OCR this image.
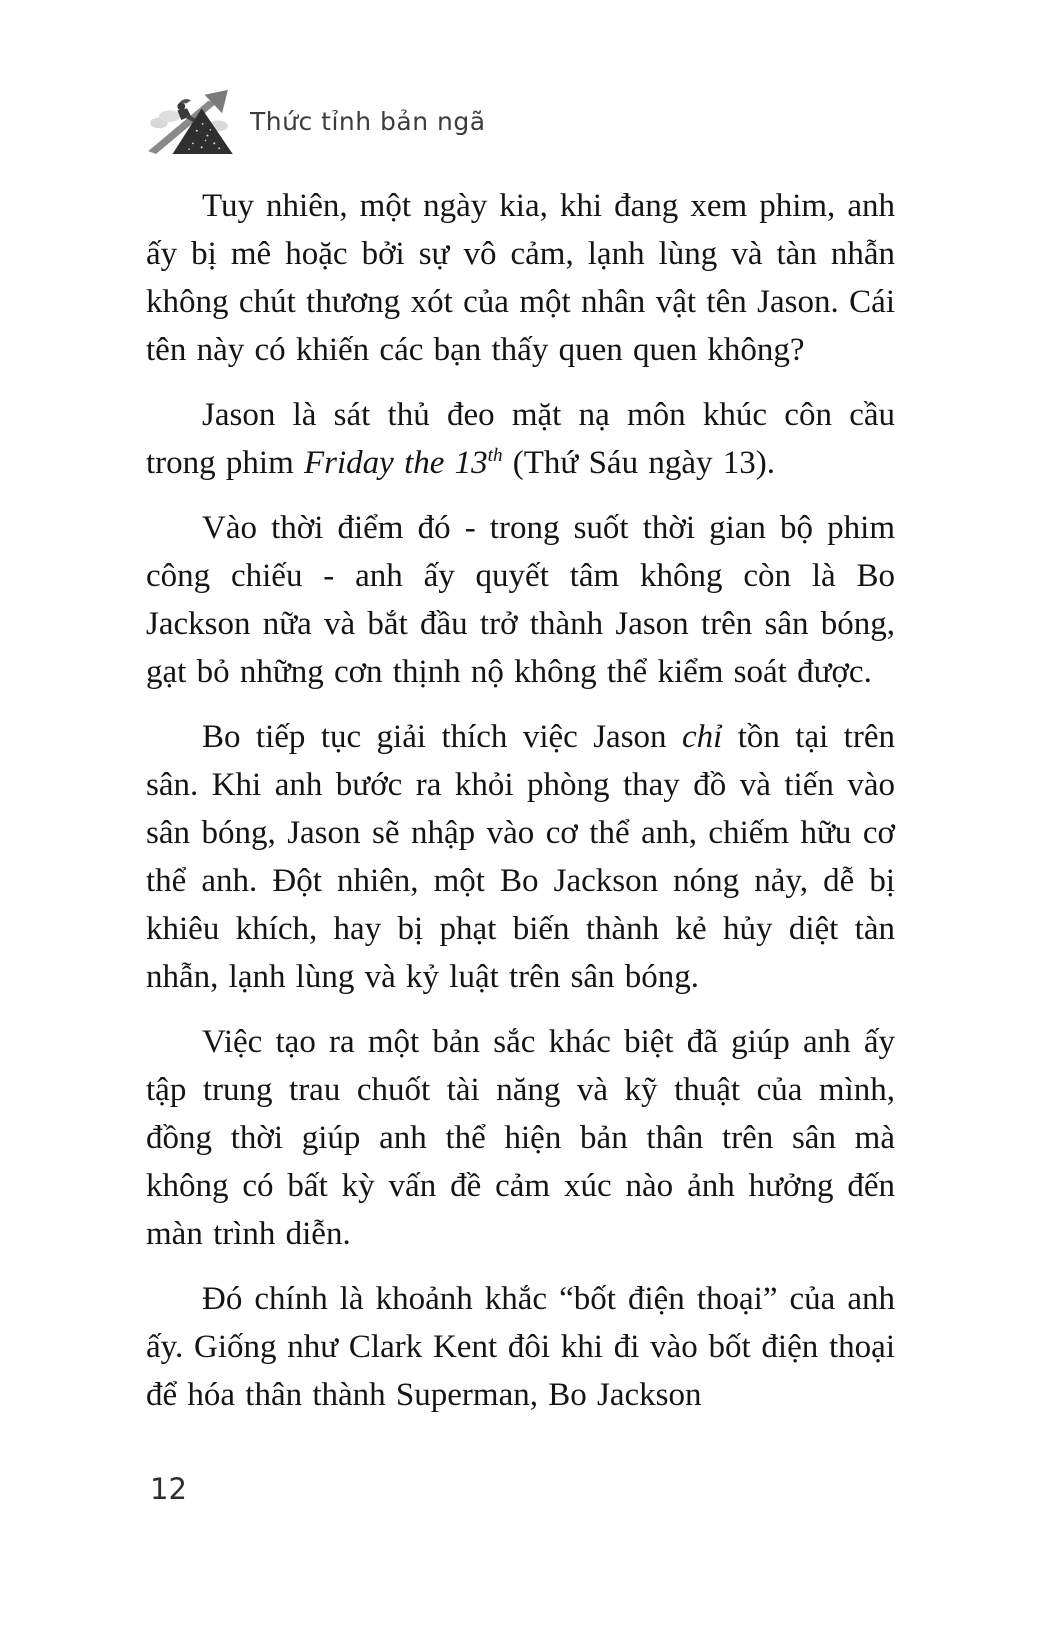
Thức tỉnh bản ngã

Tuy nhiên, một ngày kia, khi đang xem phim, anh ấy bị mê hoặc bởi sự vô cảm, lạnh lùng và tàn nhẫn không chút thương xót của một nhân vật tên Jason. Cái tên này có khiến các bạn thấy quen quen không?

Jason là sát thủ đeo mặt nạ môn khúc côn cầu trong phim Friday the 13th (Thứ Sáu ngày 13).

Vào thời điểm đó - trong suốt thời gian bộ phim công chiếu - anh ấy quyết tâm không còn là Bo Jackson nữa và bắt đầu trở thành Jason trên sân bóng, gạt bỏ những cơn thịnh nộ không thể kiểm soát được.

Bo tiếp tục giải thích việc Jason chỉ tồn tại trên sân. Khi anh bước ra khỏi phòng thay đồ và tiến vào sân bóng, Jason sẽ nhập vào cơ thể anh, chiếm hữu cơ thể anh. Đột nhiên, một Bo Jackson nóng nảy, dễ bị khiêu khích, hay bị phạt biến thành kẻ hủy diệt tàn nhẫn, lạnh lùng và kỷ luật trên sân bóng.

Việc tạo ra một bản sắc khác biệt đã giúp anh ấy tập trung trau chuốt tài năng và kỹ thuật của mình, đồng thời giúp anh thể hiện bản thân trên sân mà không có bất kỳ vấn đề cảm xúc nào ảnh hưởng đến màn trình diễn.

Đó chính là khoảnh khắc “bốt điện thoại” của anh ấy. Giống như Clark Kent đôi khi đi vào bốt điện thoại để hóa thân thành Superman, Bo Jackson

12
